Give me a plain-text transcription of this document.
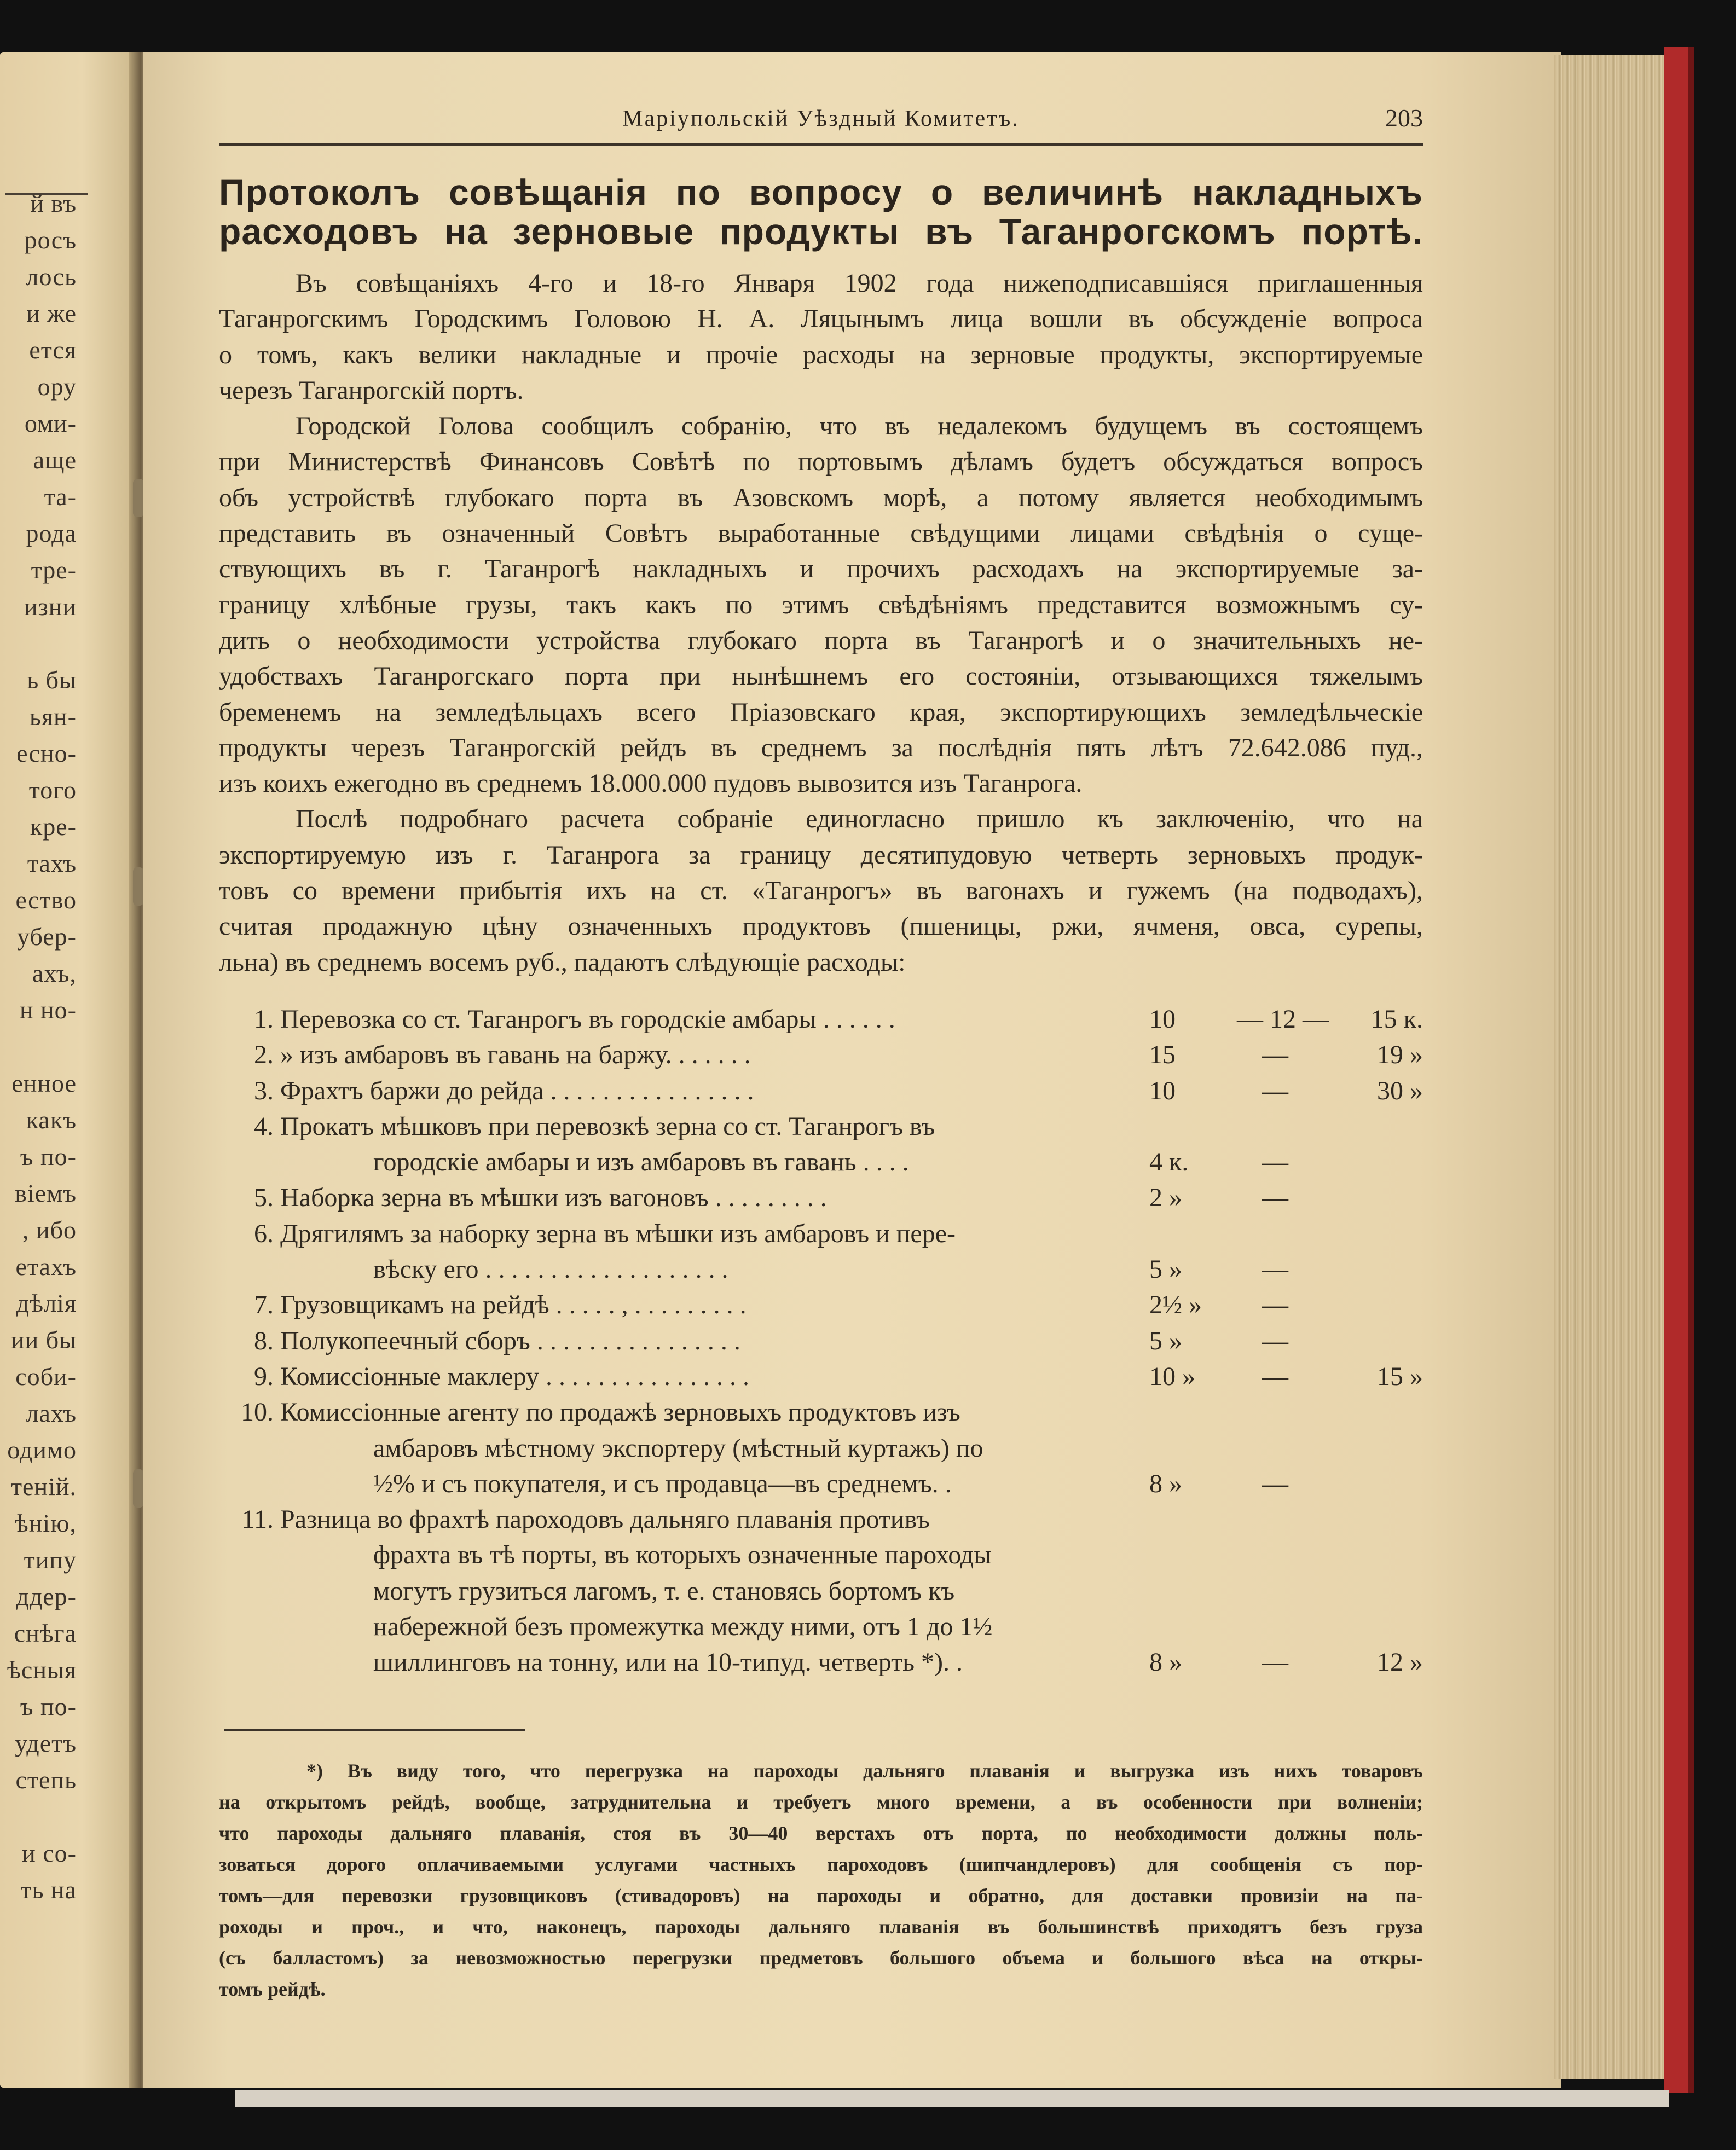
й въ
росъ
лось
и же
ется
ору
оми-
аще
та-
рода
тре-
изни
ь бы
ьян-
есно-
того
кре-
тахъ
ество
убер-
ахъ,
н но-
енное
какъ
ъ по-
віемъ
, ибо
етахъ
дѣлія
ии бы
соби-
лахъ
одимо
теній.
ѣнію,
типу
ддер-
снѣга
ѣсныя
ъ по-
удетъ
степь
и со-
ть на
Маріупольскій Уѣздный Комитетъ.	203
Протоколъ совѣщанія по вопросу о величинѣ накладныхъ
расходовъ на зерновые продукты въ Таганрогскомъ портѣ.
Въ совѣщаніяхъ 4-го и 18-го Января 1902 года нижеподписавшіяся приглашенныя
Таганрогскимъ Городскимъ Головою Н. А. Ляцынымъ лица вошли въ обсужденіе вопроса
о томъ, какъ велики накладные и прочіе расходы на зерновые продукты, экспортируемые
черезъ Таганрогскій портъ.
Городской Голова сообщилъ собранію, что въ недалекомъ будущемъ въ состоящемъ
при Министерствѣ Финансовъ Совѣтѣ по портовымъ дѣламъ будетъ обсуждаться вопросъ
объ устройствѣ глубокаго порта въ Азовскомъ морѣ, а потому является необходимымъ
представить въ означенный Совѣтъ выработанные свѣдущими лицами свѣдѣнія о суще-
ствующихъ въ г. Таганрогѣ накладныхъ и прочихъ расходахъ на экспортируемые за-
границу хлѣбные грузы, такъ какъ по этимъ свѣдѣніямъ представится возможнымъ су-
дить о необходимости устройства глубокаго порта въ Таганрогѣ и о значительныхъ не-
удобствахъ Таганрогскаго порта при нынѣшнемъ его состояніи, отзывающихся тяжелымъ
бременемъ на земледѣльцахъ всего Пріазовскаго края, экспортирующихъ земледѣльческіе
продукты черезъ Таганрогскій рейдъ въ среднемъ за послѣднія пять лѣтъ 72.642.086 пуд.,
изъ коихъ ежегодно въ среднемъ 18.000.000 пудовъ вывозится изъ Таганрога.
Послѣ подробнаго расчета собраніе единогласно пришло къ заключенію, что на
экспортируемую изъ г. Таганрога за границу десятипудовую четверть зерновыхъ продук-
товъ со времени прибытія ихъ на ст. «Таганрогъ» въ вагонахъ и гужемъ (на подводахъ),
считая продажную цѣну означенныхъ продуктовъ (пшеницы, ржи, ячменя, овса, сурепы,
льна) въ среднемъ восемъ руб., падаютъ слѣдующіе расходы:
1. Перевозка со ст. Таганрогъ въ городскіе амбары . . . . . .	10	— 12 —	15 к.
2. » изъ амбаровъ въ гавань на баржу. . . . . . .	15	—	19 »
3. Фрахтъ баржи до рейда . . . . . . . . . . . . . . . .	10	—	30 »
4. Прокатъ мѣшковъ при перевозкѣ зерна со ст. Таганрогъ въ
городскіе амбары и изъ амбаровъ въ гавань . . . .	4 к.	—
5. Наборка зерна въ мѣшки изъ вагоновъ . . . . . . . . .	2 »	—
6. Дрягилямъ за наборку зерна въ мѣшки изъ амбаровъ и пере-
вѣску его . . . . . . . . . . . . . . . . . . .	5 »	—
7. Грузовщикамъ на рейдѣ . . . . . , . . . . . . . . .	2½ »	—
8. Полукопеечный сборъ . . . . . . . . . . . . . . . .	5 »	—
9. Комиссіонные маклеру . . . . . . . . . . . . . . . .	10 »	—	15 »
10. Комиссіонные агенту по продажѣ зерновыхъ продуктовъ изъ
амбаровъ мѣстному экспортеру (мѣстный куртажъ) по
½% и съ покупателя, и съ продавца—въ среднемъ. .	8 »	—
11. Разница во фрахтѣ пароходовъ дальняго плаванія противъ
фрахта въ тѣ порты, въ которыхъ означенные пароходы
могутъ грузиться лагомъ, т. е. становясь бортомъ къ
набережной безъ промежутка между ними, отъ 1 до 1½
шиллинговъ на тонну, или на 10-типуд. четверть *). .	8 »	—	12 »
*) Въ виду того, что перегрузка на пароходы дальняго плаванія и выгрузка изъ нихъ товаровъ
на открытомъ рейдѣ, вообще, затруднительна и требуетъ много времени, а въ особенности при волненіи;
что пароходы дальняго плаванія, стоя въ 30—40 верстахъ отъ порта, по необходимости должны поль-
зоваться дорого оплачиваемыми услугами частныхъ пароходовъ (шипчандлеровъ) для сообщенія съ пор-
томъ—для перевозки грузовщиковъ (стивадоровъ) на пароходы и обратно, для доставки провизіи на па-
роходы и проч., и что, наконецъ, пароходы дальняго плаванія въ большинствѣ приходятъ безъ груза
(съ балластомъ) за невозможностью перегрузки предметовъ большого объема и большого вѣса на откры-
томъ рейдѣ.
